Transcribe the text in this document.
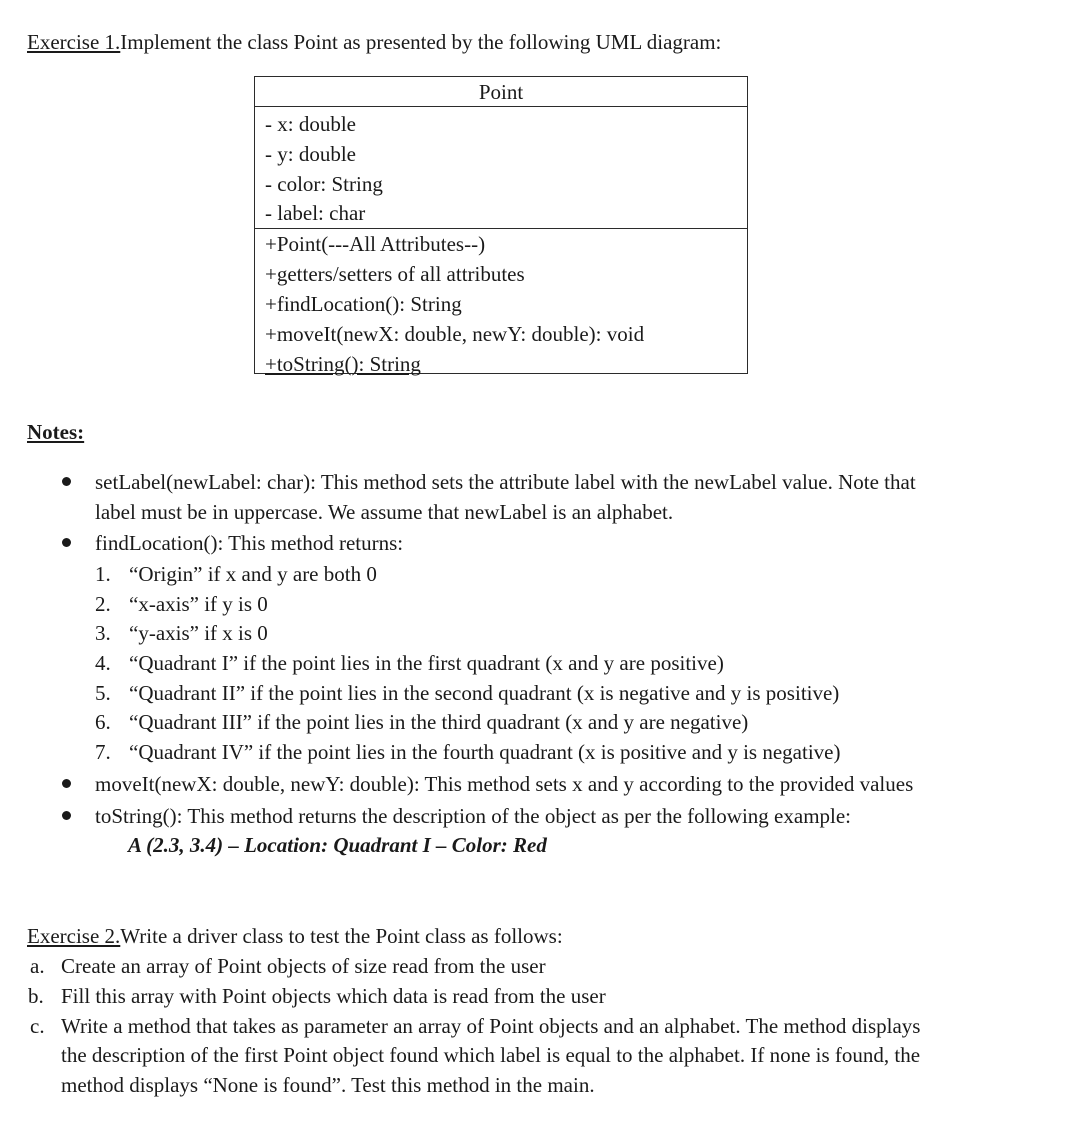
Exercise 1.Implement the class Point as presented by the following UML diagram:
Point
- x: double
- y: double
- color: String
- label: char
+Point(---All Attributes--)
+getters/setters of all attributes
+findLocation(): String
+moveIt(newX: double, newY: double): void
+toString(): String
Notes:
setLabel(newLabel: char): This method sets the attribute label with the newLabel value. Note that
label must be in uppercase. We assume that newLabel is an alphabet.
findLocation(): This method returns:
1. “Origin” if x and y are both 0
2. “x-axis” if y is 0
3. “y-axis” if x is 0
4. “Quadrant I” if the point lies in the first quadrant (x and y are positive)
5. “Quadrant II” if the point lies in the second quadrant (x is negative and y is positive)
6. “Quadrant III” if the point lies in the third quadrant (x and y are negative)
7. “Quadrant IV” if the point lies in the fourth quadrant (x is positive and y is negative)
moveIt(newX: double, newY: double): This method sets x and y according to the provided values
toString(): This method returns the description of the object as per the following example:
A (2.3, 3.4) – Location: Quadrant I – Color: Red
Exercise 2.Write a driver class to test the Point class as follows:
a. Create an array of Point objects of size read from the user
b. Fill this array with Point objects which data is read from the user
c. Write a method that takes as parameter an array of Point objects and an alphabet. The method displays
the description of the first Point object found which label is equal to the alphabet. If none is found, the
method displays “None is found”. Test this method in the main.
